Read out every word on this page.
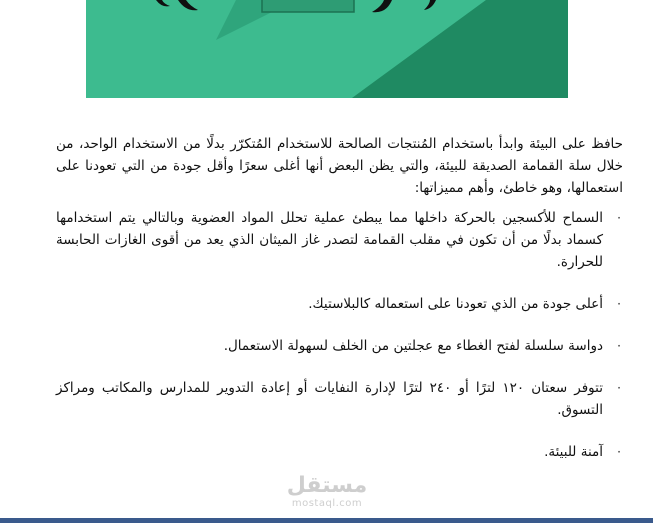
حافظ على البيئة وابدأ باستخدام المُنتجات الصالحة للاستخدام المُتكرّر بدلًا من الاستخدام الواحد، من خلال سلة القمامة الصديقة للبيئة، والتي يظن البعض أنها أغلى سعرًا وأقل جودة من التي تعودنا على استعمالها، وهو خاطئ، وأهم مميزاتها:

·
السماح للأكسجين بالحركة داخلها مما يبطئ عملية تحلل المواد العضوية وبالتالي يتم استخدامها كسماد بدلًا من أن تكون في مقلب القمامة لتصدر غاز الميثان الذي يعد من أقوى الغازات الحابسة للحرارة.
·
أعلى جودة من الذي تعودنا على استعماله كالبلاستيك.
·
دواسة سلسلة لفتح الغطاء مع عجلتين من الخلف لسهولة الاستعمال.
·
تتوفر سعتان ١٢٠ لترًا أو ٢٤٠ لترًا لإدارة النفايات أو إعادة التدوير للمدارس والمكاتب ومراكز التسوق.
·
آمنة للبيئة.
مستقل
mostaql.com
